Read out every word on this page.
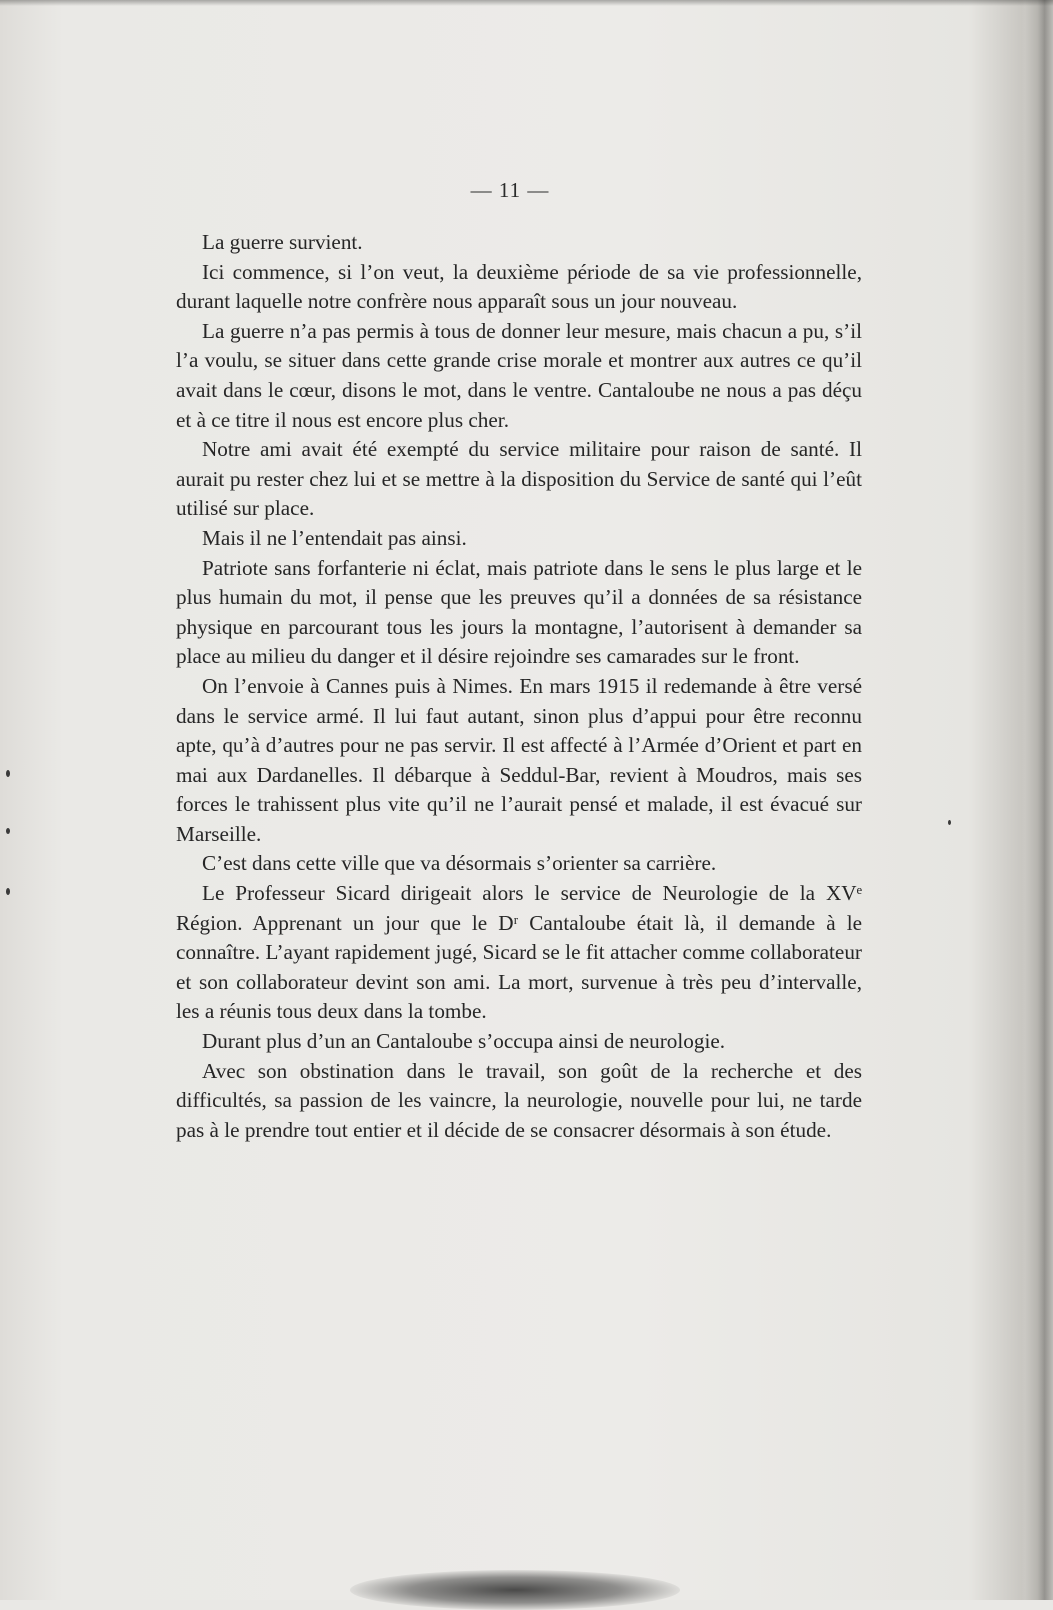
— 11 —

La guerre survient.

Ici commence, si l’on veut, la deuxième période de sa vie professionnelle, durant laquelle notre confrère nous apparaît sous un jour nouveau.

La guerre n’a pas permis à tous de donner leur mesure, mais chacun a pu, s’il l’a voulu, se situer dans cette grande crise morale et montrer aux autres ce qu’il avait dans le cœur, disons le mot, dans le ventre. Cantaloube ne nous a pas déçu et à ce titre il nous est encore plus cher.

Notre ami avait été exempté du service militaire pour raison de santé. Il aurait pu rester chez lui et se mettre à la disposition du Service de santé qui l’eût utilisé sur place.

Mais il ne l’entendait pas ainsi.

Patriote sans forfanterie ni éclat, mais patriote dans le sens le plus large et le plus humain du mot, il pense que les preuves qu’il a données de sa résistance physique en parcourant tous les jours la montagne, l’autorisent à demander sa place au milieu du danger et il désire rejoindre ses camarades sur le front.

On l’envoie à Cannes puis à Nimes. En mars 1915 il redemande à être versé dans le service armé. Il lui faut autant, sinon plus d’appui pour être reconnu apte, qu’à d’autres pour ne pas servir. Il est affecté à l’Armée d’Orient et part en mai aux Dardanelles. Il débarque à Seddul-Bar, revient à Moudros, mais ses forces le trahissent plus vite qu’il ne l’aurait pensé et malade, il est évacué sur Marseille.

C’est dans cette ville que va désormais s’orienter sa carrière.

Le Professeur Sicard dirigeait alors le service de Neurologie de la XVᵉ Région. Apprenant un jour que le Dʳ Cantaloube était là, il demande à le connaître. L’ayant rapidement jugé, Sicard se le fit attacher comme collaborateur et son collaborateur devint son ami. La mort, survenue à très peu d’intervalle, les a réunis tous deux dans la tombe.

Durant plus d’un an Cantaloube s’occupa ainsi de neurologie.

Avec son obstination dans le travail, son goût de la recherche et des difficultés, sa passion de les vaincre, la neurologie, nouvelle pour lui, ne tarde pas à le prendre tout entier et il décide de se consacrer désormais à son étude.
